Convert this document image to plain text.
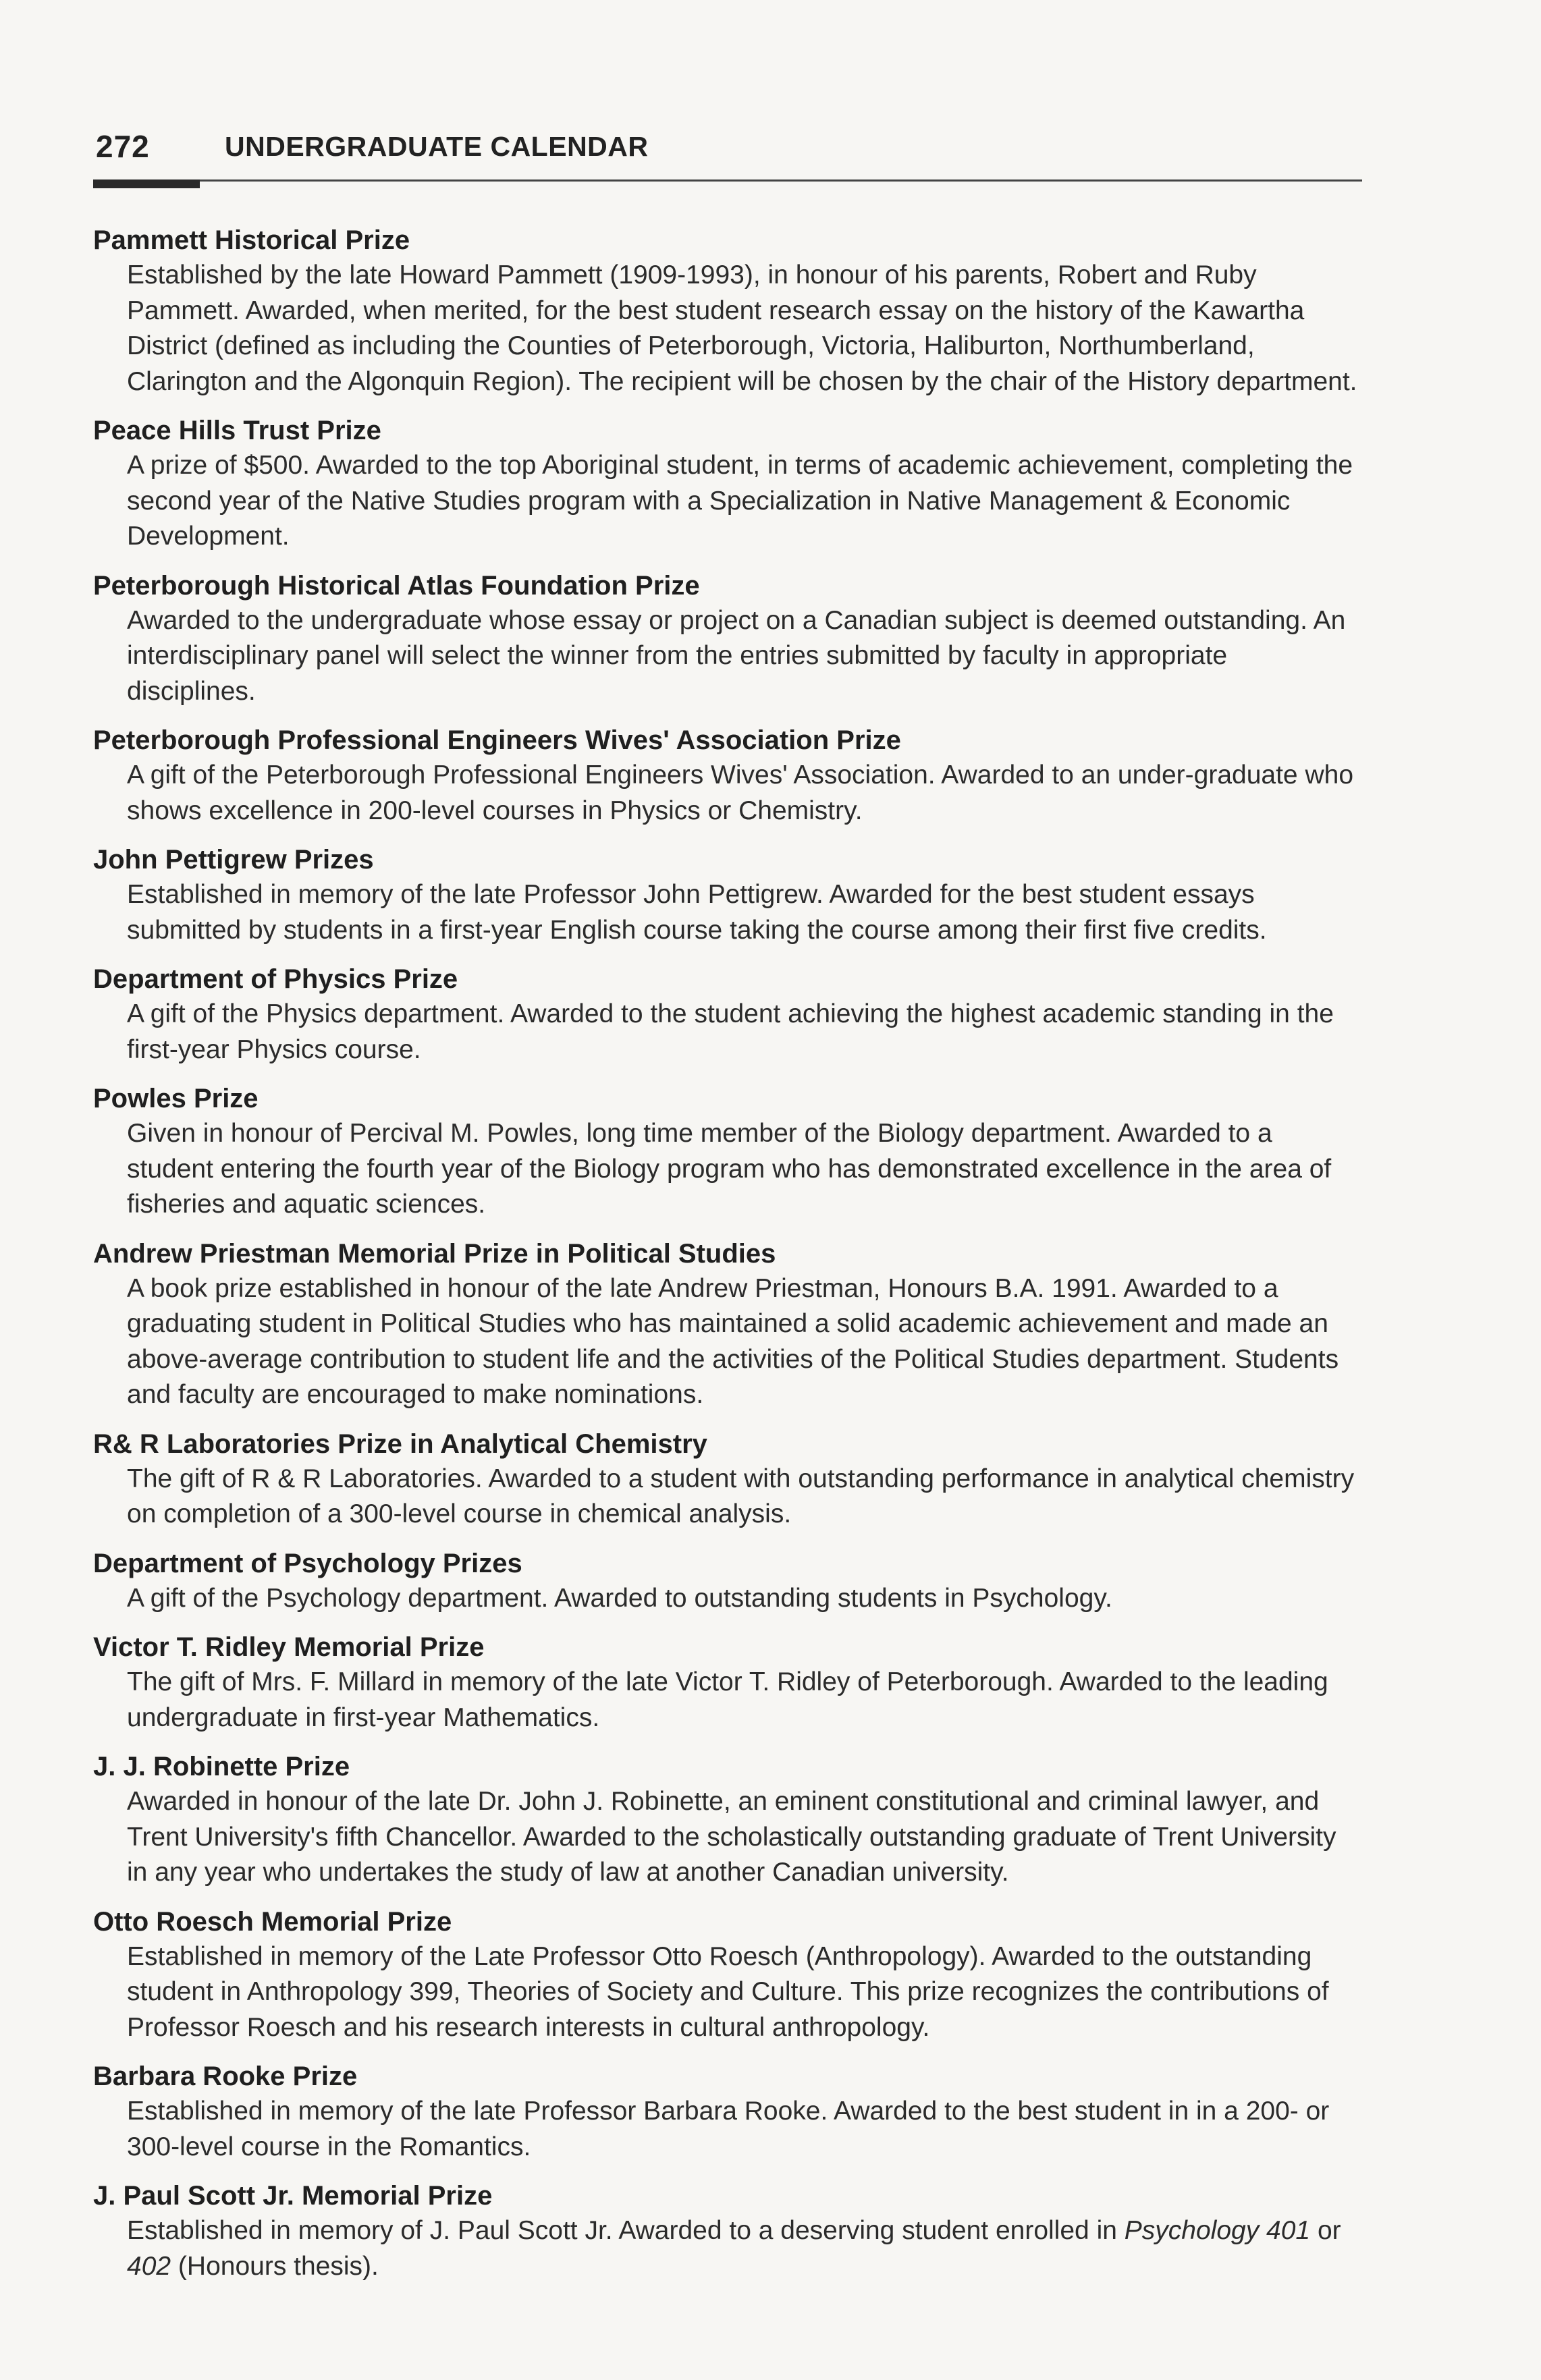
272	UNDERGRADUATE CALENDAR
Pammett Historical Prize
Established by the late Howard Pammett (1909-1993), in honour of his parents, Robert and Ruby Pammett. Awarded, when merited, for the best student research essay on the history of the Kawartha District (defined as including the Counties of Peterborough, Victoria, Haliburton, Northumberland, Clarington and the Algonquin Region). The recipient will be chosen by the chair of the History department.
Peace Hills Trust Prize
A prize of $500. Awarded to the top Aboriginal student, in terms of academic achievement, completing the second year of the Native Studies program with a Specialization in Native Management & Economic Development.
Peterborough Historical Atlas Foundation Prize
Awarded to the undergraduate whose essay or project on a Canadian subject is deemed outstanding. An interdisciplinary panel will select the winner from the entries submitted by faculty in appropriate disciplines.
Peterborough Professional Engineers Wives' Association Prize
A gift of the Peterborough Professional Engineers Wives' Association. Awarded to an under-graduate who shows excellence in 200-level courses in Physics or Chemistry.
John Pettigrew Prizes
Established in memory of the late Professor John Pettigrew. Awarded for the best student essays submitted by students in a first-year English course taking the course among their first five credits.
Department of Physics Prize
A gift of the Physics department. Awarded to the student achieving the highest academic standing in the first-year Physics course.
Powles Prize
Given in honour of Percival M. Powles, long time member of the Biology department. Awarded to a student entering the fourth year of the Biology program who has demonstrated excellence in the area of fisheries and aquatic sciences.
Andrew Priestman Memorial Prize in Political Studies
A book prize established in honour of the late Andrew Priestman, Honours B.A. 1991. Awarded to a graduating student in Political Studies who has maintained a solid academic achievement and made an above-average contribution to student life and the activities of the Political Studies department. Students and faculty are encouraged to make nominations.
R& R Laboratories Prize in Analytical Chemistry
The gift of R & R Laboratories. Awarded to a student with outstanding performance in analytical chemistry on completion of a 300-level course in chemical analysis.
Department of Psychology Prizes
A gift of the Psychology department. Awarded to outstanding students in Psychology.
Victor T. Ridley Memorial Prize
The gift of Mrs. F. Millard in memory of the late Victor T. Ridley of Peterborough. Awarded to the leading undergraduate in first-year Mathematics.
J. J. Robinette Prize
Awarded in honour of the late Dr. John J. Robinette, an eminent constitutional and criminal lawyer, and Trent University's fifth Chancellor. Awarded to the scholastically outstanding graduate of Trent University in any year who undertakes the study of law at another Canadian university.
Otto Roesch Memorial Prize
Established in memory of the Late Professor Otto Roesch (Anthropology). Awarded to the outstanding student in Anthropology 399, Theories of Society and Culture. This prize recognizes the contributions of Professor Roesch and his research interests in cultural anthropology.
Barbara Rooke Prize
Established in memory of the late Professor Barbara Rooke. Awarded to the best student in in a 200- or 300-level course in the Romantics.
J. Paul Scott Jr. Memorial Prize
Established in memory of J. Paul Scott Jr. Awarded to a deserving student enrolled in Psychology 401 or 402 (Honours thesis).
